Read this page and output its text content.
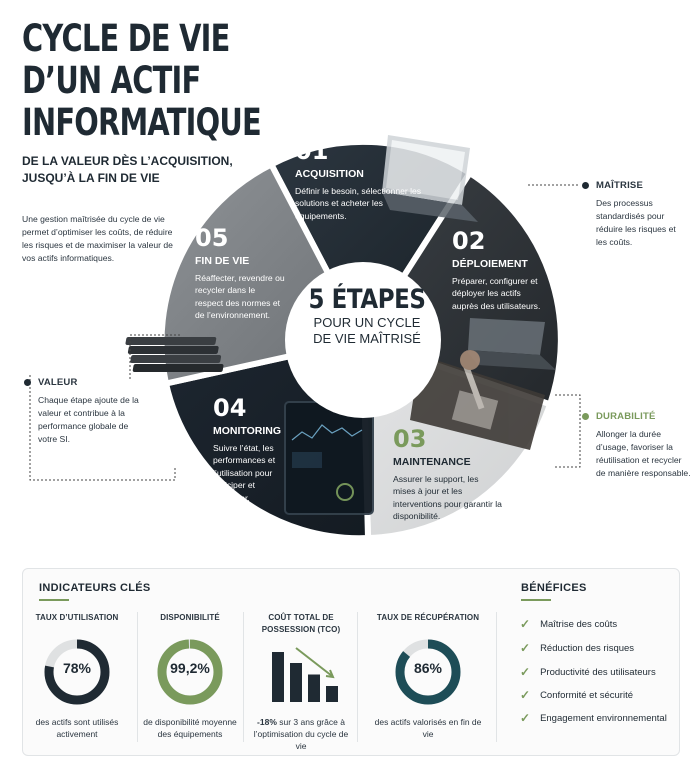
CYCLE DE VIE
D’UN ACTIF
INFORMATIQUE
DE LA VALEUR DÈS L’ACQUISITION,
JUSQU’À LA FIN DE VIE
Une gestion maîtrisée du cycle de vie permet d’optimiser les coûts, de réduire les risques et de maximiser la valeur de vos actifs informatiques.
01
ACQUISITION
Définir le besoin, sélectionner les solutions et acheter les équipements.
02
DÉPLOIEMENT
Préparer, configurer et déployer les actifs auprès des utilisateurs.
03
MAINTENANCE
Assurer le support, les mises à jour et les interventions pour garantir la disponibilité.
04
MONITORING
Suivre l’état, les performances et l’utilisation pour anticiper et optimiser.
05
FIN DE VIE
Réaffecter, revendre ou recycler dans le respect des normes et de l’environnement.	5 ÉTAPES
POUR UN CYCLE
DE VIE MAÎTRISÉ
MAÎTRISE
Des processus standardisés pour réduire les risques et les coûts.
DURABILITÉ
Allonger la durée d’usage, favoriser la réutilisation et recycler de manière responsable.
VALEUR
Chaque étape ajoute de la valeur et contribue à la performance globale de votre SI.
INDICATEURS CLÉS	BÉNÉFICES
TAUX D’UTILISATION
78%
des actifs sont utilisés activement
DISPONIBILITÉ
99,2%
de disponibilité moyenne des équipements
COÛT TOTAL DE POSSESSION (TCO)
-18% sur 3 ans grâce à l’optimisation du cycle de vie
TAUX DE RÉCUPÉRATION
86%
des actifs valorisés en fin de vie
✓ Maîtrise des coûts
✓ Réduction des risques
✓ Productivité des utilisateurs
✓ Conformité et sécurité
✓ Engagement environnemental
